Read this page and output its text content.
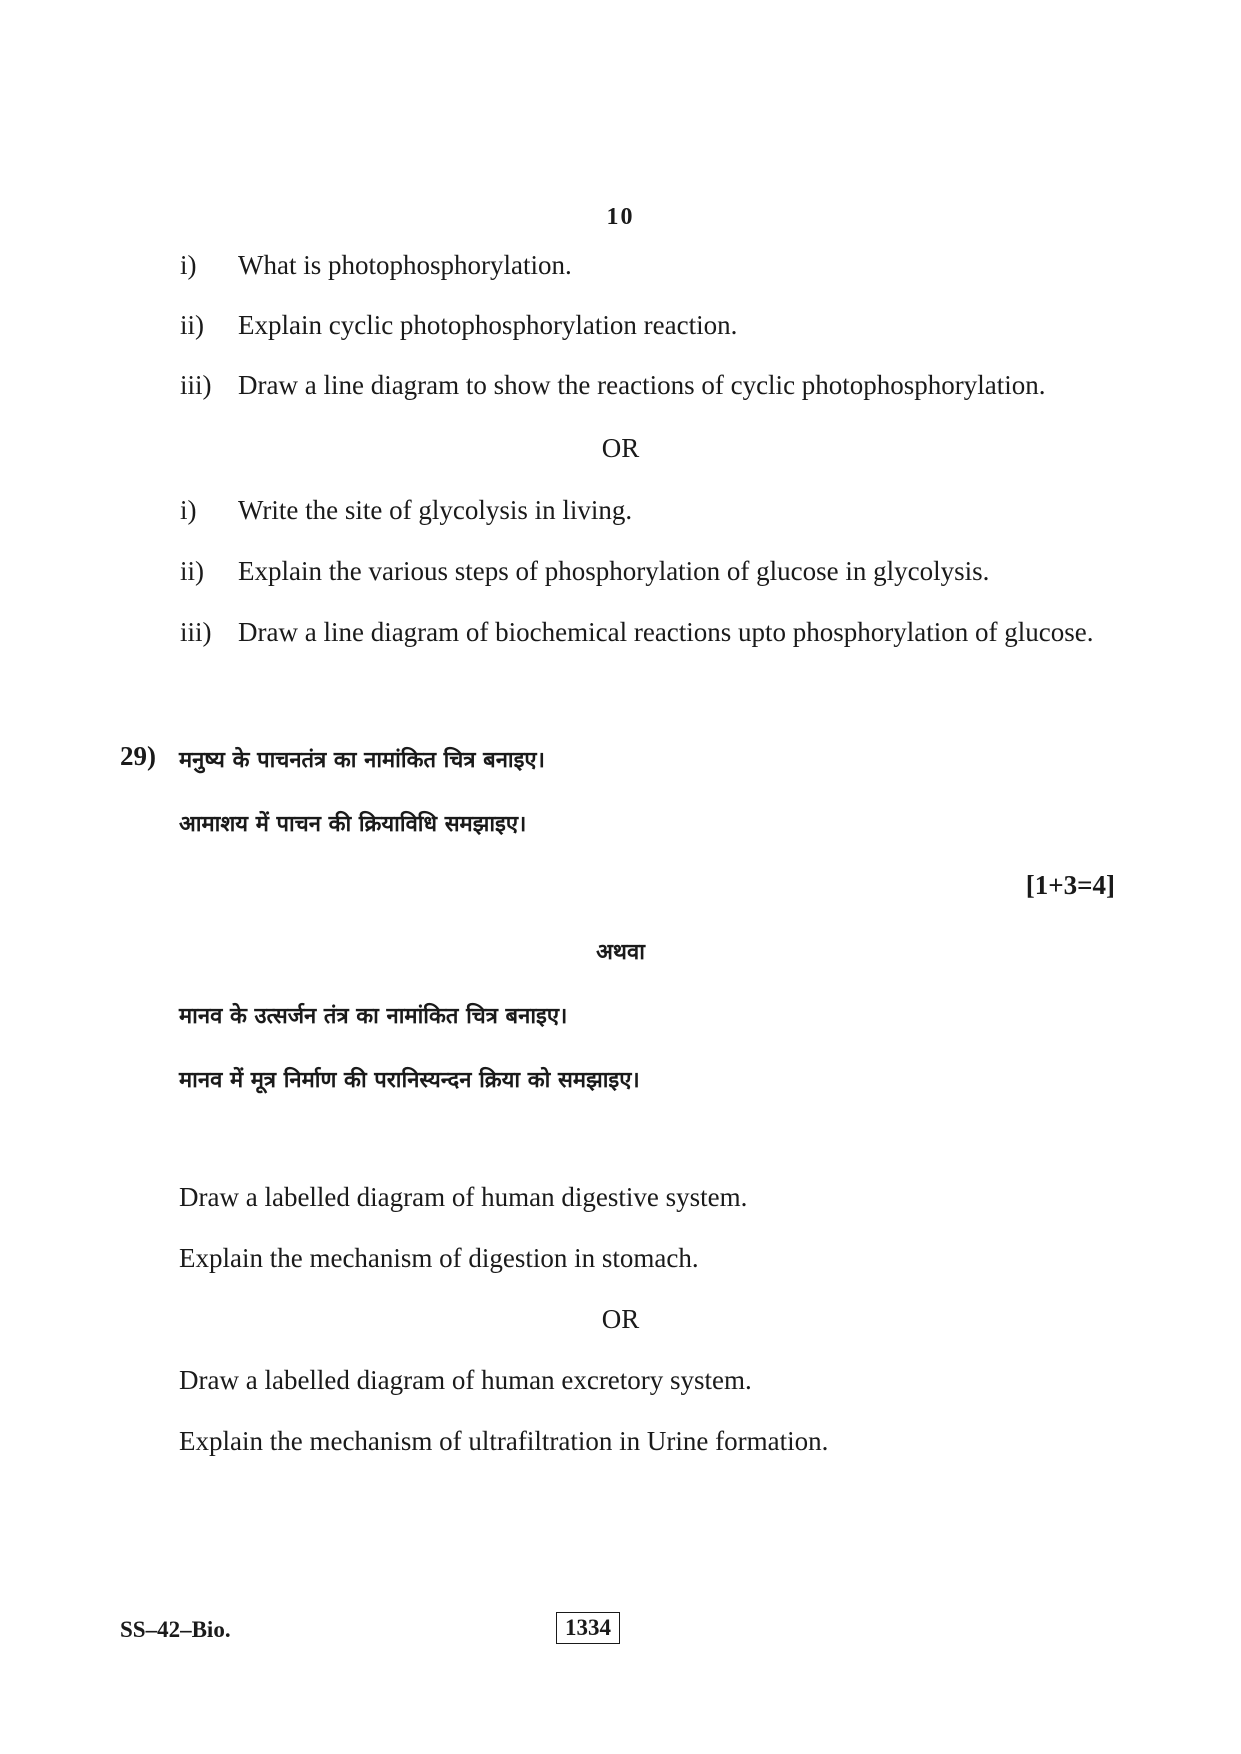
10
i) What is photophosphorylation.
ii) Explain cyclic photophosphorylation reaction.
iii) Draw a line diagram to show the reactions of cyclic photophosphorylation.
OR
i) Write the site of glycolysis in living.
ii) Explain the various steps of phosphorylation of glucose in glycolysis.
iii) Draw a line diagram of biochemical reactions upto phosphorylation of glucose.
29) मनुष्य के पाचनतंत्र का नामांकित चित्र बनाइए।
आमाशय में पाचन की क्रियाविधि समझाइए।
[1+3=4]
अथवा
मानव के उत्सर्जन तंत्र का नामांकित चित्र बनाइए।
मानव में मूत्र निर्माण की परानिस्यन्दन क्रिया को समझाइए।
Draw a labelled diagram of human digestive system.
Explain the mechanism of digestion in stomach.
OR
Draw a labelled diagram of human excretory system.
Explain the mechanism of ultrafiltration in Urine formation.
SS–42–Bio.	1334
